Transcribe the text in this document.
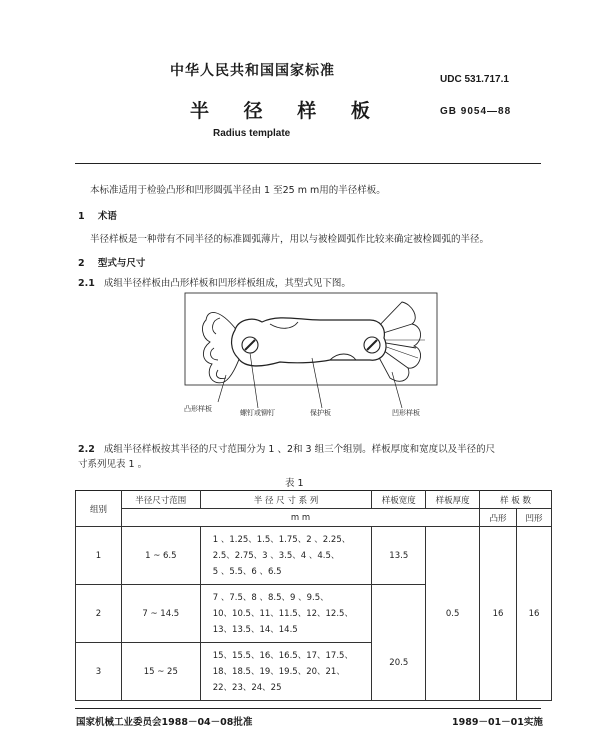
中华人民共和国国家标准
UDC 531.717.1
半 径 样 板	GB 9054—88
Radius template
本标准适用于检验凸形和凹形圆弧半径由 1 至25 m m用的半径样板。
1 术语
半径样板是一种带有不同半径的标准圆弧薄片，用以与被检圆弧作比较来确定被检圆弧的半径。
2 型式与尺寸
2.1 成组半径样板由凸形样板和凹形样板组成，其型式见下图。
凸形样板	螺钉或铆钉	保护板	凹形样板
2.2 成组半径样板按其半径的尺寸范围分为 1 、2和 3 组三个组别。样板厚度和宽度以及半径的尺
寸系列见表 1 。
表 1
组别	半径尺寸范围	半 径 尺 寸 系 列	样板宽度	样板厚度	样 板 数	
	m m				凸形	凹形
1	1 ~ 6.5	1 、1.25、1.5、1.75、2 、2.25、
2.5、2.75、3 、3.5、4 、4.5、
5 、5.5、6 、6.5	13.5	0.5	16	16
2	7 ~ 14.5	7 、7.5、8 、8.5、9 、9.5、
10、10.5、11、11.5、12、12.5、
13、13.5、14、14.5	20.5			

3	15 ~ 25	15、15.5、16、16.5、17、17.5、
18、18.5、19、19.5、20、21、
22、23、24、25				
国家机械工业委员会1988－04－08批准	1989－01－01实施
